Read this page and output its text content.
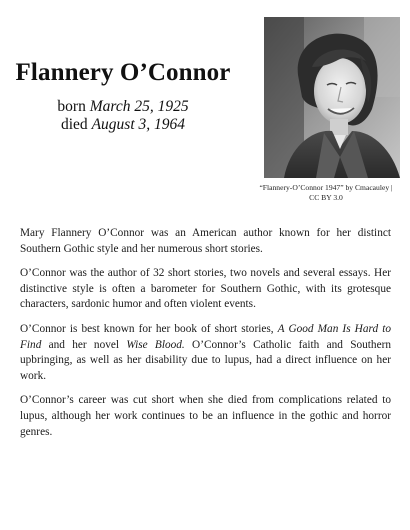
Flannery O’Connor
born March 25, 1925
died August 3, 1964
“Flannery-O’Connor 1947” by Cmacauley |
CC BY 3.0

Mary Flannery O’Connor was an American author known for her distinct Southern Gothic style and her numerous short stories.

O’Connor was the author of 32 short stories, two novels and several essays. Her distinctive style is often a barometer for Southern Gothic, with its grotesque characters, sardonic humor and often violent events.

O’Connor is best known for her book of short stories, A Good Man Is Hard to Find and her novel Wise Blood. O’Connor’s Catholic faith and Southern upbringing, as well as her disability due to lupus, had a direct influence on her work.

O’Connor’s career was cut short when she died from complications related to lupus, although her work continues to be an influence in the gothic and horror genres.
